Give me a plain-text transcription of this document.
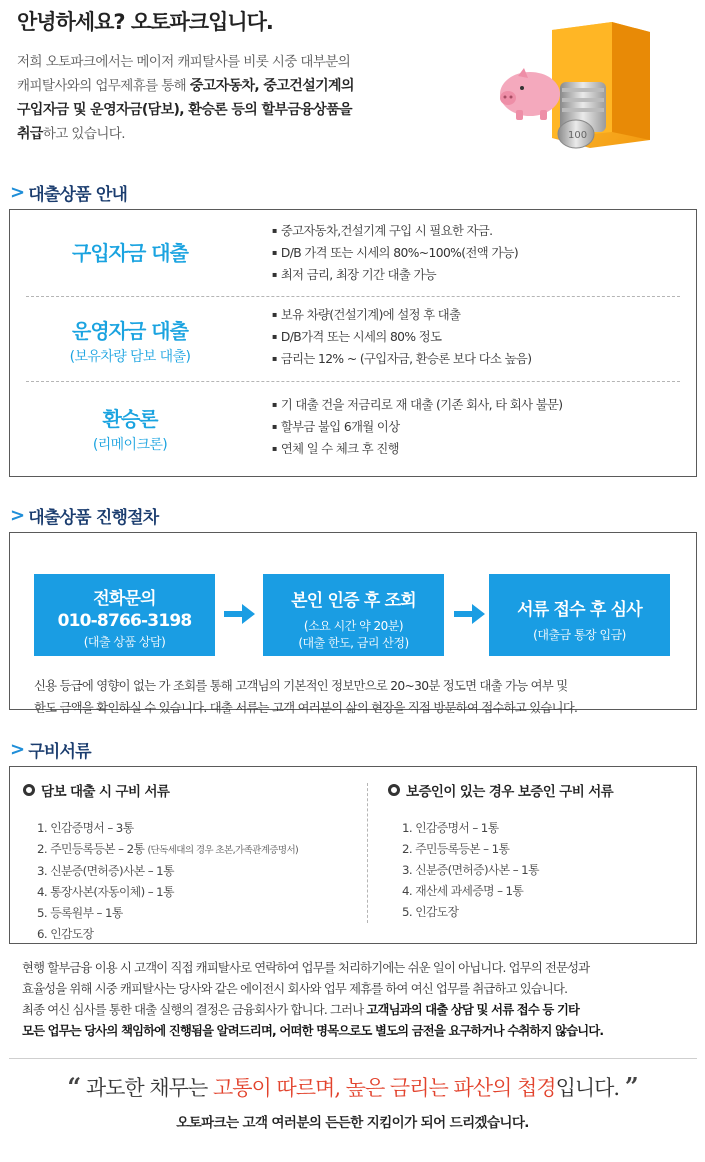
안녕하세요? 오토파크입니다.

저희 오토파크에서는 메이저 캐피탈사를 비롯 시중 대부분의
캐피탈사와의 업무제휴를 통해 중고자동차, 중고건설기계의
구입자금 및 운영자금(담보), 환승론 등의 할부금융상품을
취급하고 있습니다.	100
> 대출상품 안내
구입자금 대출
▪ 중고자동차,건설기계 구입 시 필요한 자금.
▪ D/B 가격 또는 시세의 80%~100%(전액 가능)
▪ 최저 금리, 최장 기간 대출 가능
운영자금 대출
(보유차량 담보 대출)
▪ 보유 차량(건설기계)에 설정 후 대출
▪ D/B가격 또는 시세의 80% 정도
▪ 금리는 12% ~ (구입자금, 환승론 보다 다소 높음)
환승론
(리메이크론)
▪ 기 대출 건을 저금리로 재 대출 (기존 회사, 타 회사 불문)
▪ 할부금 불입 6개월 이상
▪ 연체 일 수 체크 후 진행
> 대출상품 진행절차
전화문의
010-8766-3198
(대출 상품 상담)
본인 인증 후 조회
(소요 시간 약 20분)
(대출 한도, 금리 산정)
서류 접수 후 심사
(대출금 통장 입금)
신용 등급에 영향이 없는 가 조회를 통해 고객님의 기본적인 정보만으로 20~30분 정도면 대출 가능 여부 및
한도 금액을 확인하실 수 있습니다. 대출 서류는 고객 여러분의 삶의 현장을 직접 방문하여 접수하고 있습니다.
> 구비서류
담보 대출 시 구비 서류
1. 인감증명서 – 3통
2. 주민등록등본 – 2통 (단독세대의 경우 초본,가족관계증명서)
3. 신분증(면허증)사본 – 1통
4. 통장사본(자동이체) – 1통
5. 등록원부 – 1통
6. 인감도장
보증인이 있는 경우 보증인 구비 서류
1. 인감증명서 – 1통
2. 주민등록등본 – 1통
3. 신분증(면허증)사본 – 1통
4. 재산세 과세증명 – 1통
5. 인감도장
현행 할부금융 이용 시 고객이 직접 캐피탈사로 연락하여 업무를 처리하기에는 쉬운 일이 아닙니다. 업무의 전문성과
효율성을 위해 시중 캐피탈사는 당사와 같은 에이전시 회사와 업무 제휴를 하여 여신 업무를 취급하고 있습니다.
최종 여신 심사를 통한 대출 실행의 결정은 금융회사가 합니다. 그러나 고객님과의 대출 상담 및 서류 접수 등 기타
모든 업무는 당사의 책임하에 진행됨을 알려드리며, 어떠한 명목으로도 별도의 금전을 요구하거나 수취하지 않습니다.
“ 과도한 채무는 고통이 따르며, 높은 금리는 파산의 첩경입니다. ”
오토파크는 고객 여러분의 든든한 지킴이가 되어 드리겠습니다.
